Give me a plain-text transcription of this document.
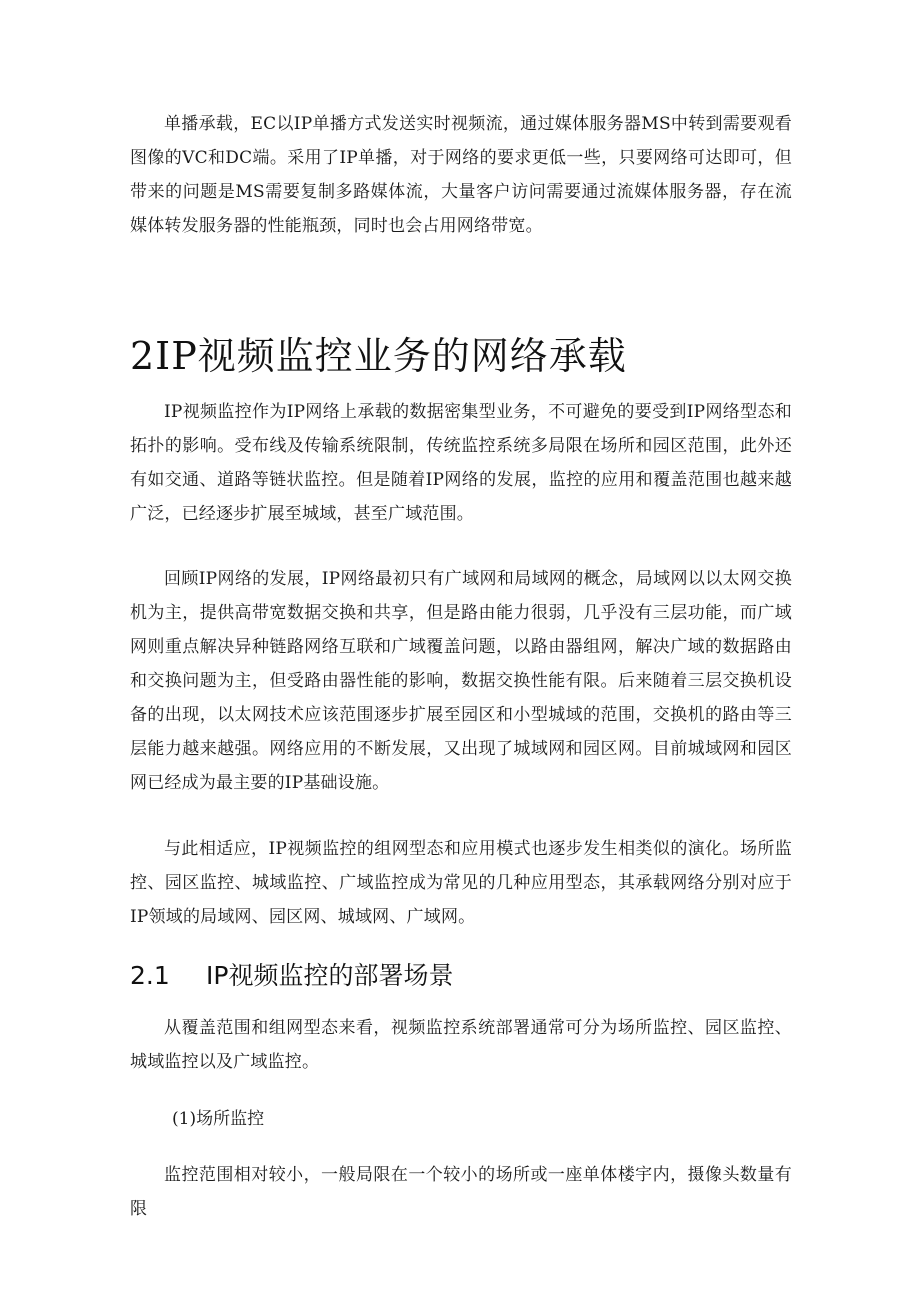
单播承载，EC以IP单播方式发送实时视频流，通过媒体服务器MS中转到需要观看图像的VC和DC端。采用了IP单播，对于网络的要求更低一些，只要网络可达即可，但带来的问题是MS需要复制多路媒体流，大量客户访问需要通过流媒体服务器，存在流媒体转发服务器的性能瓶颈，同时也会占用网络带宽。

2IP视频监控业务的网络承载

IP视频监控作为IP网络上承载的数据密集型业务，不可避免的要受到IP网络型态和拓扑的影响。受布线及传输系统限制，传统监控系统多局限在场所和园区范围，此外还有如交通、道路等链状监控。但是随着IP网络的发展，监控的应用和覆盖范围也越来越广泛，已经逐步扩展至城域，甚至广域范围。

回顾IP网络的发展，IP网络最初只有广域网和局域网的概念，局域网以以太网交换机为主，提供高带宽数据交换和共享，但是路由能力很弱，几乎没有三层功能，而广域网则重点解决异种链路网络互联和广域覆盖问题，以路由器组网，解决广域的数据路由和交换问题为主，但受路由器性能的影响，数据交换性能有限。后来随着三层交换机设备的出现，以太网技术应该范围逐步扩展至园区和小型城域的范围，交换机的路由等三层能力越来越强。网络应用的不断发展，又出现了城域网和园区网。目前城域网和园区网已经成为最主要的IP基础设施。

与此相适应，IP视频监控的组网型态和应用模式也逐步发生相类似的演化。场所监控、园区监控、城域监控、广域监控成为常见的几种应用型态，其承载网络分别对应于IP领域的局域网、园区网、城域网、广域网。

2.1 IP视频监控的部署场景

从覆盖范围和组网型态来看，视频监控系统部署通常可分为场所监控、园区监控、城域监控以及广域监控。

(1)场所监控

监控范围相对较小，一般局限在一个较小的场所或一座单体楼宇内，摄像头数量有限
